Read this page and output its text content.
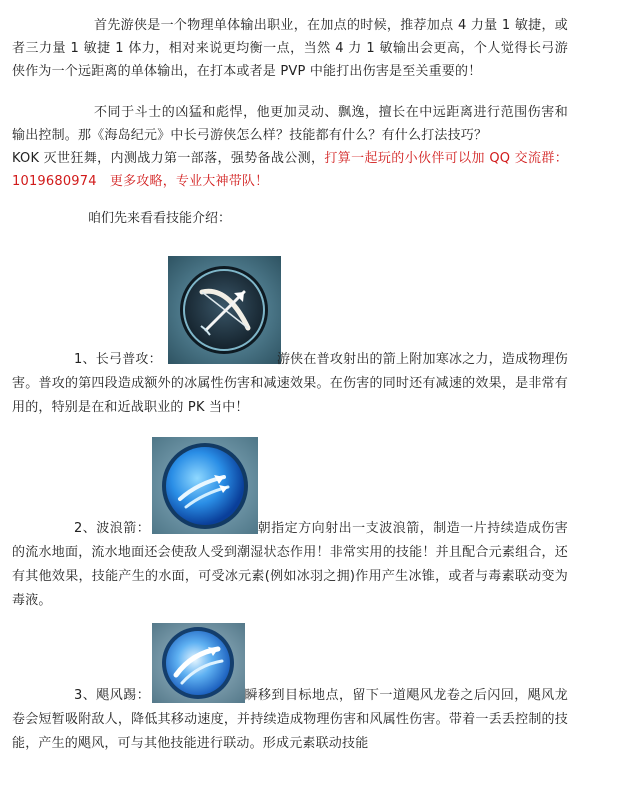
首先游侠是一个物理单体输出职业，在加点的时候，推荐加点 4 力量 1 敏捷，或者三力量 1 敏捷 1 体力，相对来说更均衡一点，当然 4 力 1 敏输出会更高，个人觉得长弓游侠作为一个远距离的单体输出，在打本或者是 PVP 中能打出伤害是至关重要的！

不同于斗士的凶猛和彪悍，他更加灵动、飘逸，擅长在中远距离进行范围伤害和输出控制。那《海岛纪元》中长弓游侠怎么样？技能都有什么？有什么打法技巧？
KOK 灭世狂舞，内测战力第一部落，强势备战公测，打算一起玩的小伙伴可以加 QQ 交流群：1019680974　更多攻略，专业大神带队！

咱们先来看看技能介绍：

1、长弓普攻：	游侠在普攻射出的箭上附加寒冰之力，造成物理伤害。普攻的第四段造成额外的冰属性伤害和减速效果。在伤害的同时还有减速的效果，是非常有用的，特别是在和近战职业的 PK 当中！

2、波浪箭：	朝指定方向射出一支波浪箭，制造一片持续造成伤害的流水地面，流水地面还会使敌人受到潮湿状态作用！非常实用的技能！并且配合元素组合，还有其他效果，技能产生的水面，可受冰元素(例如冰羽之拥)作用产生冰锥，或者与毒素联动变为毒液。

3、飓风踢：	瞬移到目标地点，留下一道飓风龙卷之后闪回，飓风龙卷会短暂吸附敌人，降低其移动速度，并持续造成物理伤害和风属性伤害。带着一丢丢控制的技能，产生的飓风，可与其他技能进行联动。形成元素联动技能
